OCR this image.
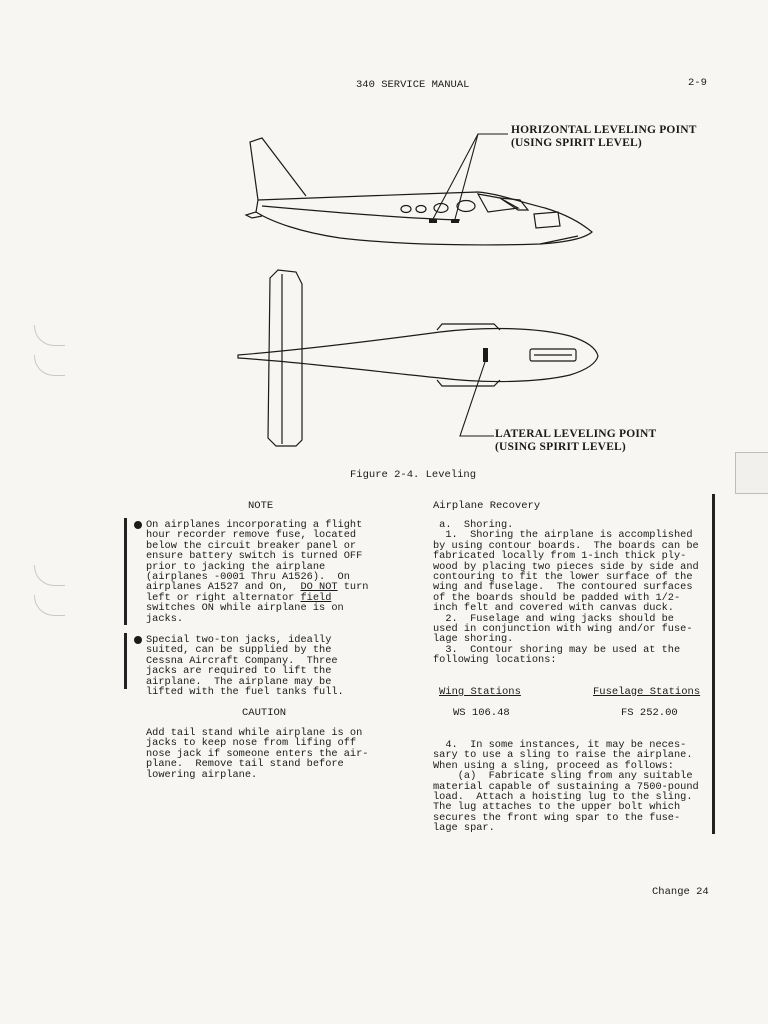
340 SERVICE MANUAL	2-9
HORIZONTAL LEVELING POINT
(USING SPIRIT LEVEL)
LATERAL LEVELING POINT
(USING SPIRIT LEVEL)
Figure 2-4. Leveling
NOTE
On airplanes incorporating a flight
hour recorder remove fuse, located
below the circuit breaker panel or
ensure battery switch is turned OFF
prior to jacking the airplane
(airplanes -0001 Thru A1526).  On
airplanes A1527 and On, DO NOT turn
left or right alternator field
switches ON while airplane is on
jacks.
Special two-ton jacks, ideally
suited, can be supplied by the
Cessna Aircraft Company.  Three
jacks are required to lift the
airplane.  The airplane may be
lifted with the fuel tanks full.
CAUTION
Add tail stand while airplane is on
jacks to keep nose from lifing off
nose jack if someone enters the air-
plane.  Remove tail stand before
lowering airplane.
Airplane Recovery
a.  Shoring.
1.  Shoring the airplane is accomplished
by using contour boards.  The boards can be
fabricated locally from 1-inch thick ply-
wood by placing two pieces side by side and
contouring to fit the lower surface of the
wing and fuselage.  The contoured surfaces
of the boards should be padded with 1/2-
inch felt and covered with canvas duck.
2.  Fuselage and wing jacks should be
used in conjunction with wing and/or fuse-
lage shoring.
3.  Contour shoring may be used at the
following locations:
Wing Stations	Fuselage Stations
WS 106.48	FS 252.00
4.  In some instances, it may be neces-
sary to use a sling to raise the airplane.
When using a sling, proceed as follows:
(a)  Fabricate sling from any suitable
material capable of sustaining a 7500-pound
load.  Attach a hoisting lug to the sling.
The lug attaches to the upper bolt which
secures the front wing spar to the fuse-
lage spar.
Change 24
